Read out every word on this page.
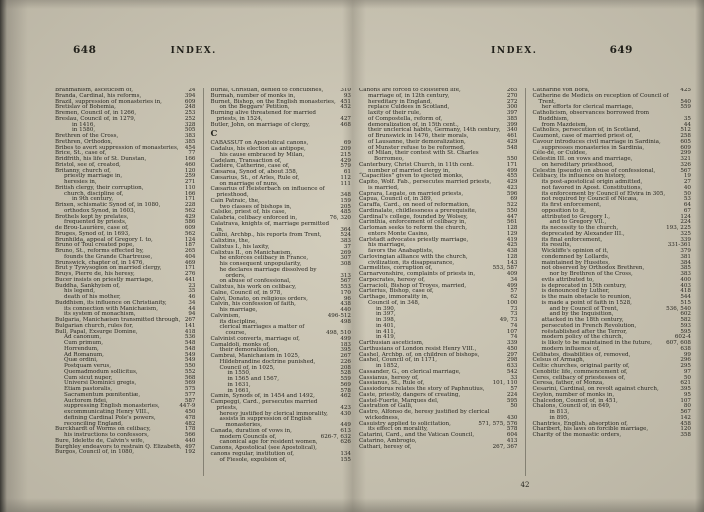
648	INDEX.
Brahmanism, asceticism of,	24
Branda, Cardinal, his reforms,	394
Brazil, suppression of monasteries in,	609
Bretislav of Bohemia,	248
Bremen, Council of, in 1266,	253
Breslau, Council of, in 1279,	252
in 1416,	328
in 1580,	505
Brethren of the Cross,	383
Brethren, Orthodox,	385
Bribes to avert suppression of monasteries,	454
Brice, St., case of,	77
Bridfrith, his life of St. Dunstan,	166
Bristol, see of, created,	460
Britanny, church of,	120
priestly marriage in,	259
heresies in,	271
British clergy, their corruption,	110
church, discipline of,	166
in 9th century,	171
Brixen, schismatic Synod of, in 1080,	228
orthodox Synod, in 1603,	562
Brothels kept by prelates,	429
frequented by priests,	586
de Brou-Laurière, case of,	609
Bruges, Synod of, in 1693,	562
Brunhilda, appeal of Gregory I. to,	124
Bruno of Toul created pope,	187
Bruno, St., reforms effected by,	265
founds the Grande Chartreuse,	404
Brunswick, chapter of, in 1476,	469
Brut y Tywysogion on married clergy,	171
Bruys, Pierre de, his heresy,	276
Bucer insists on priestly marriage,	441
Buddha, Sankhyism of,	23
his legend,	35
death of his mother,	46
Buddhism, its influence on Christianity,	34
its connection with Manichæism,	44
its system of monachism,	94
Bulgaria, Manichæism transmitted through, 267
Bulgarian church, rules for,	141
Bull, Papal, Exsurge Domine,	418
Ad canonum,	536
Cum primum,	548
Horrendum,	548
Ad Romanum,	549
Quæ ordini,	549
Postquam verus,	550
Quemadmodum sollicitus,	552
Cum sicut nuper,	568
Universi Dominici gregis,	569
Etiam pastoralis,	575
Sacramentum pœnitentiæ,	577
Auctorem fidei,	587
suppressing English monasteries,	447-9
excommunicating Henry VIII.,	450
defining Cardinal Pole's powers,	478
reconciling England,	482
Burckhardt of Worms on celibacy,	178
his instructions to confessors,	566
Bure, Idelette de, Calvin's wife,	440
Burghley endeavors to restrain Q. Elizabeth, 497
Burgos, Council of, in 1080,	192
Burial, Christian, denied to concubines,	310
Burmah, number of monks in,	93
Burnet, Bishop, on the English monasteries, 451
on the Beggars' Petition,	452
Burning alive threatened for married priests, in 1524,	427
Butler, John, on marriage of clergy,	468
C
CABASSUT on Apostolical canons,	69
Cadalus, his election as antipope,	209
his cause embraced by Milan,	215
Cadelam, Transaction of,	429
Cadière, Catherine, case of,	579
Cæsarea, Synod of, about 358,	61
Cæsarius, St., of Arles, Rule of,	112
on marriage of nuns,	111
Cæsarius of Heisterbach on influence of priesthood,	348
Cain Patraic, the,	159
two classes of bishops in,	205
Calsike, priest of, his case,	485
Calabria, celibacy enforced in,	76, 320
Calatrava, knights of, marriage permitted in,	364
Calini, Archbp., his reports from Trent,	524
Calixtins, the,	383
Calixtus I., his laxity,	37
Calixtus II., on Manichæism,	269
he enforces celibacy in France,	307
his consequent unpopularity,	308
he declares marriage dissolved by orders,	313
on abuse of confessional,	567
Calixtus, his work on celibacy,	553
Calne, Council of, in 978,	170
Calvi, Donato, on religious orders,	96
Calvin, his confession of faith,	438
his marriage,	440
Calvinism,	496-512
its discipline,	498
clerical marriages a matter of course,	498, 510
Calvinist converts, marriage of,	499
Camaldoli, monks of,	183
their demoralization,	395
Cambrai, Manichæism in 1025,	267
Hildebrandine doctrine punished,	226
Council of, in 1025,	208
in 1550,	528
in 1565 and 1567,	559
in 1631,	569
in 1661,	578
Camin, Synods of, in 1454 and 1492,	462
Campeggi, Card., persecutes married priests,	423
heresy justified by clerical immorality,	430
assists in suppression of English monasteries,	449
Canada, duration of vows in,	613
modern Councils of,	626-7, 632
canonical age for resident women,	626
Canons, Apostolical (see Apostolical),
canons regular, institution of,	134
of Fiesole, expulsion of,	155
INDEX.	649
Canons are forced to cloistered life,	265
marriage of, in 12th century,	270
hereditary in England,	272
replace Culdees in Scotland,	300
laxity of their rule,	397
of Compostella, reform of,	385
demoralization of, in 15th cent.,	399
their unclerical habits, Germany, 14th century,	340
of Brunswick in 1476, their morals,	461
of Lausanne, their demoralization,	429
of Munster refuse to be reformed,	548
of Milan, their contest with St. Charles Borromeo,	550
Canterbury, Christ Church, in 11th cent.	171
number of married clergy in,	499
“Capacities” given to ejected monks,	455
Capito, Wolf. Fab., persecutes married priests,	429
is married,	423
Caprara, Legate, on married priests,	596
Capua, Council of, in 389,	69
Caraffa, Card., on need of reformation,	522
Cardinalate, childlessness a prerequisite,	550
Cardinal's college, founded by Wolsey,	447
Carinthia, enforcement of celibacy in,	561
Carloman seeks to reform the church,	128
enters Monte Casino,	129
Carlstadt advocates priestly marriage,	419
his marriage,	425
favors the Anabaptists,	438
Carlovingian alliance with the church,	128
civilization, its disappearance,	143
Carmelites, corruption of,	553, 587
Carnarvonshire, complaints of priests in,	409
Carpocrates, heresy of,	34
Carracioli, Bishop of Troyes, married,	499
Carterius, Bishop, case of,	57
Carthage, immorality in,	62
Council of, in 348,	100
in 390,	73
in 397,	73
in 398,	49, 73
in 401,	74
in 411,	107
in 419,	74
Carthusian asceticism,	339
Carthusians of London resist Henry VIII.,	450
Cashel, Archbp. of, on children of bishops,	297
Cashel, Council of, in 1171,	298
in 1852,	633
Cassander, G., on clerical marriage,	542
Cassianus, heresy of,	33
Cassianus, St., Rule of,	101, 110
Cassiodorus relates the story of Paphnutius,	57
Caste, priestly, dangers of creating,	224
Castel-Fuerte, Marques del,	595
Castration of Galli,	50
Castro, Alfonso de, heresy justified by clerical wickedness,	430
Casuistry applied to solicitation,	571, 575, 576
its effect on morality,	578
Catarini, Card., and the Vatican Council,	604
Catarino, Ambrogio,	413
Cathari, heresy of,	267, 367
Catharine von Bora,	425
Catherine de Medicis on reception of Council of Trent,	540
her efforts for clerical marriage,	559
Catholicism, observances borrowed from Buddhism,	35
from Mazdeism,	44
Catholics, persecution of, in Scotland,	512
Caumont, case of married priest of,	258
Cavour introduces civil marriage in Sardinia,	605
suppresses monasteries in Sardinia,	609
Céle-dé, or Culdee,	299
Celestin III. on vows and marriage,	321
on hereditary priesthood,	326
Celestin (pseudo) on abuse of confessional,	567
Celibacy, its influence on history,	19
its post-apostolical origin admitted,	27
not favored in Apost. Constitutions,	40
its enforcement by Council of Elvira in 305,	50
not required by Council of Nicæa,	53
its first enforcement,	64
opposition to it,	67
attributed to Gregory I.,	124
and to Gregory VII.,	224
its necessity to the church,	193, 225
deprecated by Alexander III.,	325
its final enforcement,	339
its results,	331-361
Wickliffe's opinion of it,	379
condemned by Lollards,	381
maintained by Hussites,	384
not observed by Orthodox Brethren,	385
nor by Brethren of the Cross,	383
evils attributed to,	400
is deprecated in 15th century,	403
is denounced by Luther,	418
is the main obstacle to reunion,	544
is made a point of faith in 1528,	515
and by Council of Trent,	536, 540
and by the Inquisition,	602
attacked in the 18th century,	582
persecuted in French Revolution,	593
reëstablished after the Terror,	595
modern policy of the church,	602-4
is likely to be maintained in the future,	607, 608
modern influence of,	638
Celibates, disabilities of, removed,	99
Celsus of Armagh,	296
Celtic churches, original parity of,	295
Cenobitic life, commencement of,	97
Ceres, celibacy of priestesses of,	50
Ceresa, father, of Monza,	621
Cesarini, Cardinal, on revolt against church,	395
Ceylon, number of monks in,	95
Chalcedon, Council of, in 451,	107
Chalons, Council of, in 649,	80
in 813,	567
in 895,	142
Chantries, English, absorption of,	458
Charibert, his laws on forcible marriage,	120
Charity of the monastic orders,	358
42
